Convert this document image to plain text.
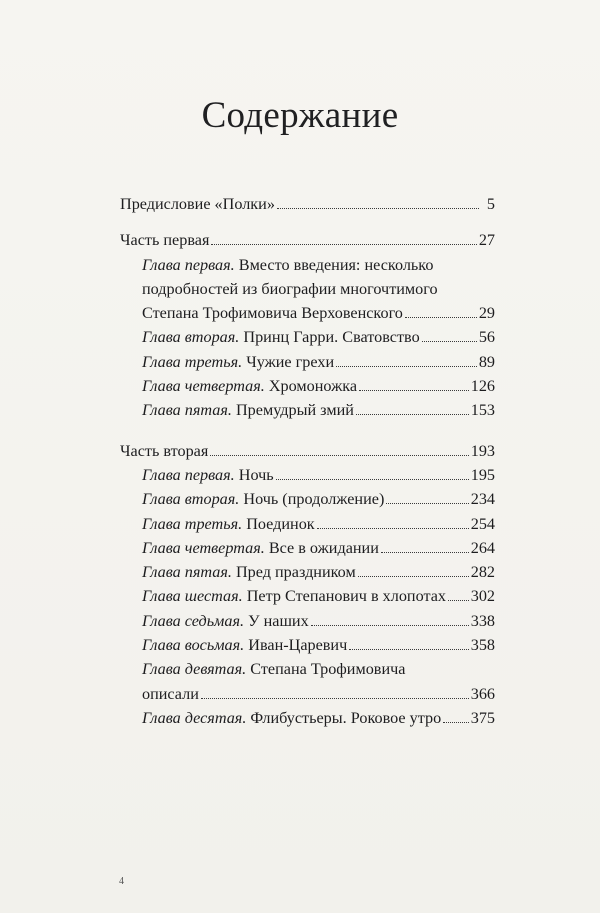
Содержание
Предисловие «Полки»	5
Часть первая	27
Глава первая. Вместо введения: несколько
подробностей из биографии многочтимого
Степана Трофимовича Верховенского	29
Глава вторая. Принц Гарри. Сватовство	56
Глава третья. Чужие грехи	89
Глава четвертая. Хромоножка	126
Глава пятая. Премудрый змий	153
Часть вторая	193
Глава первая. Ночь	195
Глава вторая. Ночь (продолжение)	234
Глава третья. Поединок	254
Глава четвертая. Все в ожидании	264
Глава пятая. Пред праздником	282
Глава шестая. Петр Степанович в хлопотах 302
Глава седьмая. У наших	338
Глава восьмая. Иван-Царевич	358
Глава девятая. Степана Трофимовича
описали	366
Глава десятая. Флибустьеры. Роковое утро 375
4
